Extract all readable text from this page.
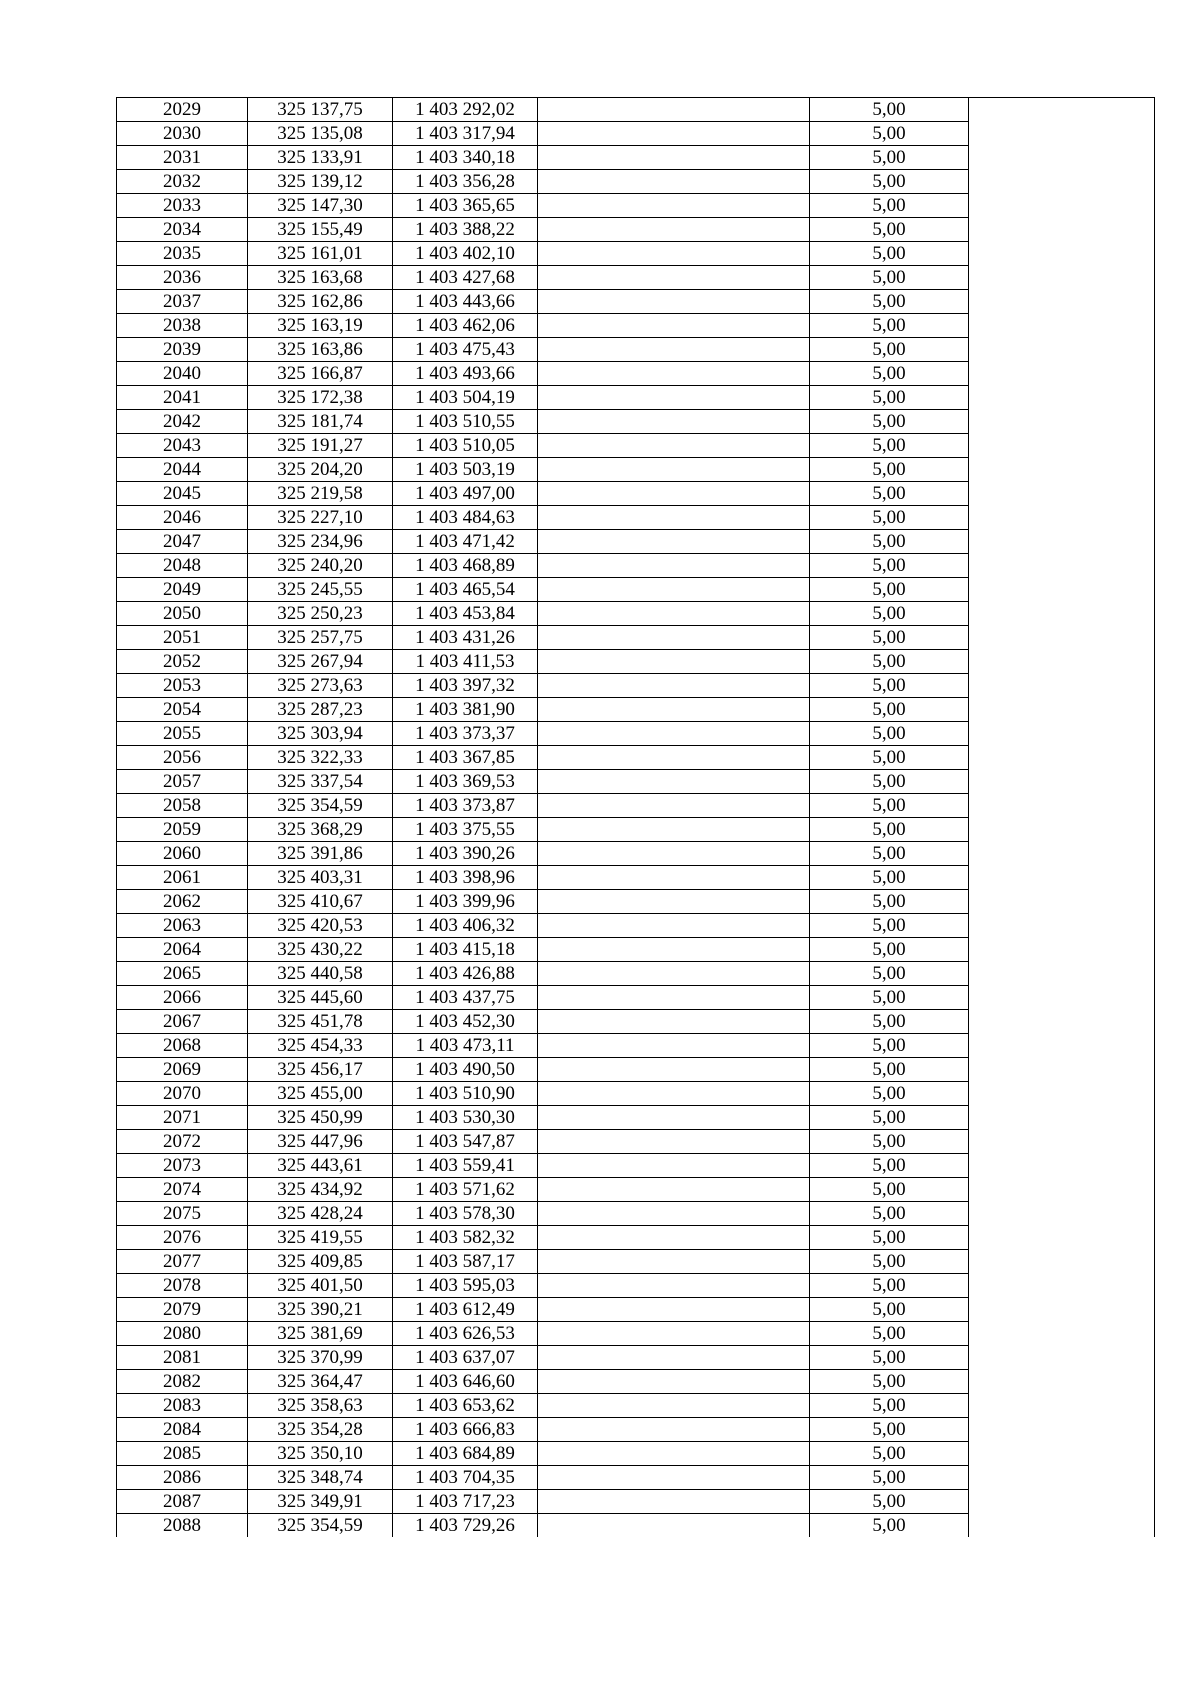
2029	325 137,75	1 403 292,02		5,00	
2030	325 135,08	1 403 317,94		5,00	
2031	325 133,91	1 403 340,18		5,00	
2032	325 139,12	1 403 356,28		5,00	
2033	325 147,30	1 403 365,65		5,00	
2034	325 155,49	1 403 388,22		5,00	
2035	325 161,01	1 403 402,10		5,00	
2036	325 163,68	1 403 427,68		5,00	
2037	325 162,86	1 403 443,66		5,00	
2038	325 163,19	1 403 462,06		5,00	
2039	325 163,86	1 403 475,43		5,00	
2040	325 166,87	1 403 493,66		5,00	
2041	325 172,38	1 403 504,19		5,00	
2042	325 181,74	1 403 510,55		5,00	
2043	325 191,27	1 403 510,05		5,00	
2044	325 204,20	1 403 503,19		5,00	
2045	325 219,58	1 403 497,00		5,00	
2046	325 227,10	1 403 484,63		5,00	
2047	325 234,96	1 403 471,42		5,00	
2048	325 240,20	1 403 468,89		5,00	
2049	325 245,55	1 403 465,54		5,00	
2050	325 250,23	1 403 453,84		5,00	
2051	325 257,75	1 403 431,26		5,00	
2052	325 267,94	1 403 411,53		5,00	
2053	325 273,63	1 403 397,32		5,00	
2054	325 287,23	1 403 381,90		5,00	
2055	325 303,94	1 403 373,37		5,00	
2056	325 322,33	1 403 367,85		5,00	
2057	325 337,54	1 403 369,53		5,00	
2058	325 354,59	1 403 373,87		5,00	
2059	325 368,29	1 403 375,55		5,00	
2060	325 391,86	1 403 390,26		5,00	
2061	325 403,31	1 403 398,96		5,00	
2062	325 410,67	1 403 399,96		5,00	
2063	325 420,53	1 403 406,32		5,00	
2064	325 430,22	1 403 415,18		5,00	
2065	325 440,58	1 403 426,88		5,00	
2066	325 445,60	1 403 437,75		5,00	
2067	325 451,78	1 403 452,30		5,00	
2068	325 454,33	1 403 473,11		5,00	
2069	325 456,17	1 403 490,50		5,00	
2070	325 455,00	1 403 510,90		5,00	
2071	325 450,99	1 403 530,30		5,00	
2072	325 447,96	1 403 547,87		5,00	
2073	325 443,61	1 403 559,41		5,00	
2074	325 434,92	1 403 571,62		5,00	
2075	325 428,24	1 403 578,30		5,00	
2076	325 419,55	1 403 582,32		5,00	
2077	325 409,85	1 403 587,17		5,00	
2078	325 401,50	1 403 595,03		5,00	
2079	325 390,21	1 403 612,49		5,00	
2080	325 381,69	1 403 626,53		5,00	
2081	325 370,99	1 403 637,07		5,00	
2082	325 364,47	1 403 646,60		5,00	
2083	325 358,63	1 403 653,62		5,00	
2084	325 354,28	1 403 666,83		5,00	
2085	325 350,10	1 403 684,89		5,00	
2086	325 348,74	1 403 704,35		5,00	
2087	325 349,91	1 403 717,23		5,00	
2088	325 354,59	1 403 729,26		5,00	
